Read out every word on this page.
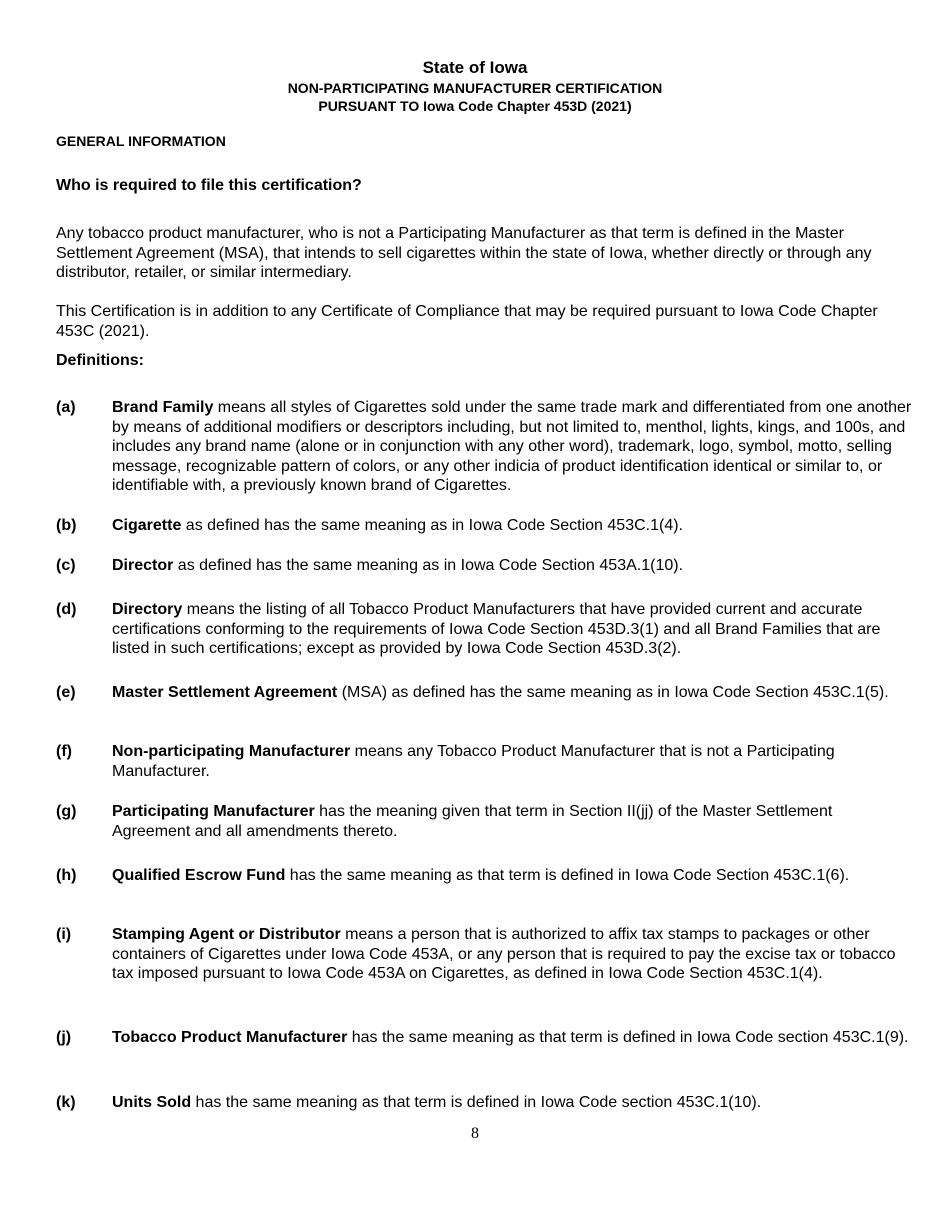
State of Iowa
NON-PARTICIPATING MANUFACTURER CERTIFICATION
PURSUANT TO Iowa Code Chapter 453D (2021)
GENERAL INFORMATION
Who is required to file this certification?
Any tobacco product manufacturer, who is not a Participating Manufacturer as that term is defined in the Master Settlement Agreement (MSA), that intends to sell cigarettes within the state of Iowa, whether directly or through any distributor, retailer, or similar intermediary.
This Certification is in addition to any Certificate of Compliance that may be required pursuant to Iowa Code Chapter 453C (2021).
Definitions:
(a) Brand Family means all styles of Cigarettes sold under the same trade mark and differentiated from one another by means of additional modifiers or descriptors including, but not limited to, menthol, lights, kings, and 100s, and includes any brand name (alone or in conjunction with any other word), trademark, logo, symbol, motto, selling message, recognizable pattern of colors, or any other indicia of product identification identical or similar to, or identifiable with, a previously known brand of Cigarettes.
(b) Cigarette as defined has the same meaning as in Iowa Code Section 453C.1(4).
(c) Director as defined has the same meaning as in Iowa Code Section 453A.1(10).
(d) Directory means the listing of all Tobacco Product Manufacturers that have provided current and accurate certifications conforming to the requirements of Iowa Code Section 453D.3(1) and all Brand Families that are listed in such certifications; except as provided by Iowa Code Section 453D.3(2).
(e) Master Settlement Agreement (MSA) as defined has the same meaning as in Iowa Code Section 453C.1(5).
(f)	Non-participating Manufacturer means any Tobacco Product Manufacturer that is not a Participating Manufacturer.
(g) Participating Manufacturer has the meaning given that term in Section II(jj) of the Master Settlement Agreement and all amendments thereto.
(h) Qualified Escrow Fund has the same meaning as that term is defined in Iowa Code Section 453C.1(6).
(i)	Stamping Agent or Distributor means a person that is authorized to affix tax stamps to packages or other containers of Cigarettes under Iowa Code 453A, or any person that is required to pay the excise tax or tobacco tax imposed pursuant to Iowa Code 453A on Cigarettes, as defined in Iowa Code Section 453C.1(4).
(j)	Tobacco Product Manufacturer has the same meaning as that term is defined in Iowa Code section 453C.1(9).
(k) Units Sold has the same meaning as that term is defined in Iowa Code section 453C.1(10).
8
